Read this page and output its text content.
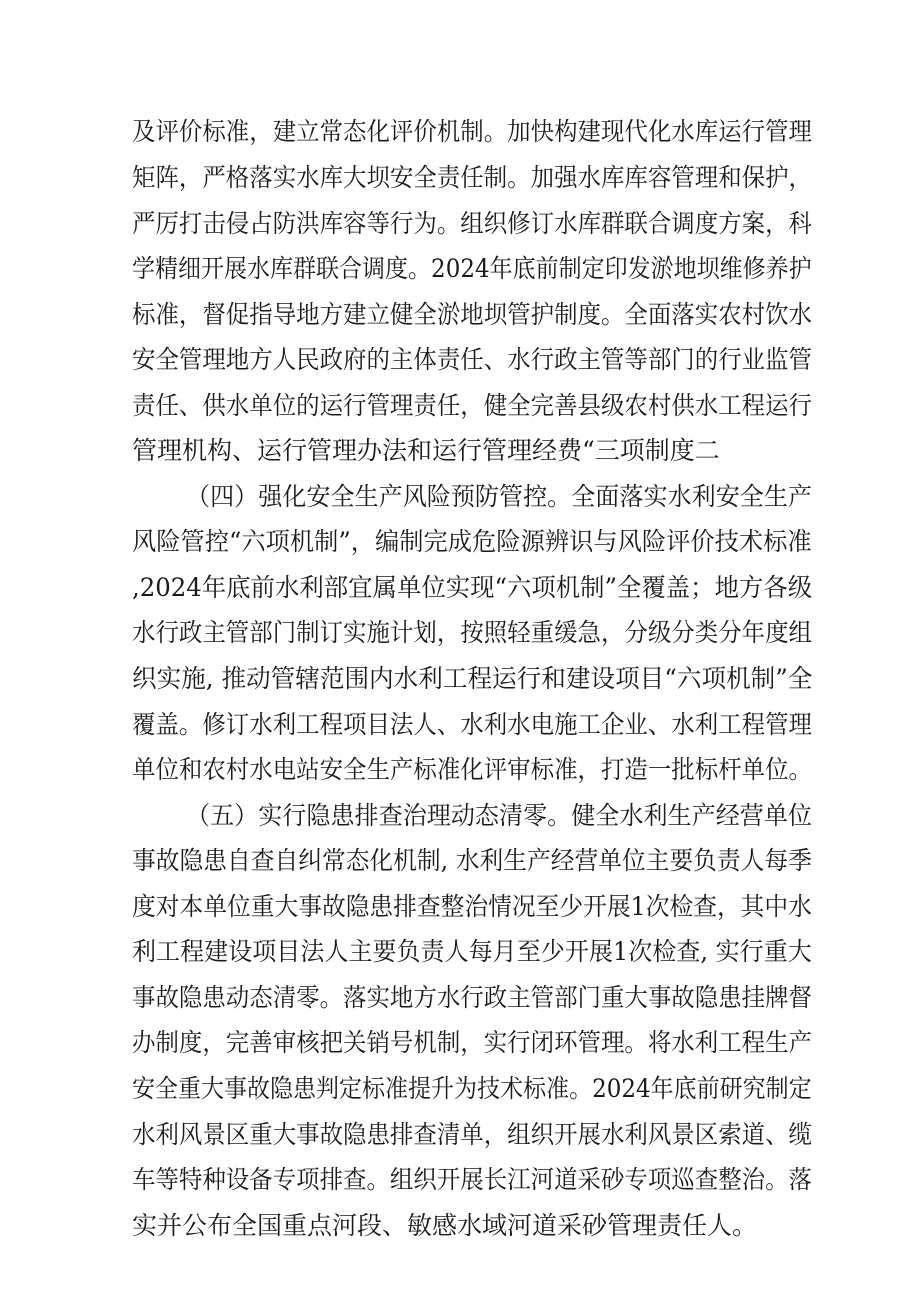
及评价标准，建立常态化评价机制。加快构建现代化水库运行管理
矩阵，严格落实水库大坝安全责任制。加强水库库容管理和保护，
严厉打击侵占防洪库容等行为。组织修订水库群联合调度方案，科
学精细开展水库群联合调度。2024年底前制定印发淤地坝维修养护
标准，督促指导地方建立健全淤地坝管护制度。全面落实农村饮水
安全管理地方人民政府的主体责任、水行政主管等部门的行业监管
责任、供水单位的运行管理责任，健全完善县级农村供水工程运行
管理机构、运行管理办法和运行管理经费“三项制度二
（四）强化安全生产风险预防管控。全面落实水利安全生产
风险管控“六项机制”，编制完成危险源辨识与风险评价技术标准
,2024年底前水利部宜属单位实现“六项机制”全覆盖；地方各级
水行政主管部门制订实施计划，按照轻重缓急，分级分类分年度组
织实施, 推动管辖范围内水利工程运行和建设项目“六项机制”全
覆盖。修订水利工程项目法人、水利水电施工企业、水利工程管理
单位和农村水电站安全生产标准化评审标准，打造一批标杆单位。
（五）实行隐患排查治理动态清零。健全水利生产经营单位
事故隐患自查自纠常态化机制, 水利生产经营单位主要负责人每季
度对本单位重大事故隐患排查整治情况至少开展1次检查，其中水
利工程建设项目法人主要负责人每月至少开展1次检查, 实行重大
事故隐患动态清零。落实地方水行政主管部门重大事故隐患挂牌督
办制度，完善审核把关销号机制，实行闭环管理。将水利工程生产
安全重大事故隐患判定标准提升为技术标准。2024年底前研究制定
水利风景区重大事故隐患排查清单，组织开展水利风景区索道、缆
车等特种设备专项排查。组织开展长江河道采砂专项巡查整治。落
实并公布全国重点河段、敏感水域河道采砂管理责任人。
